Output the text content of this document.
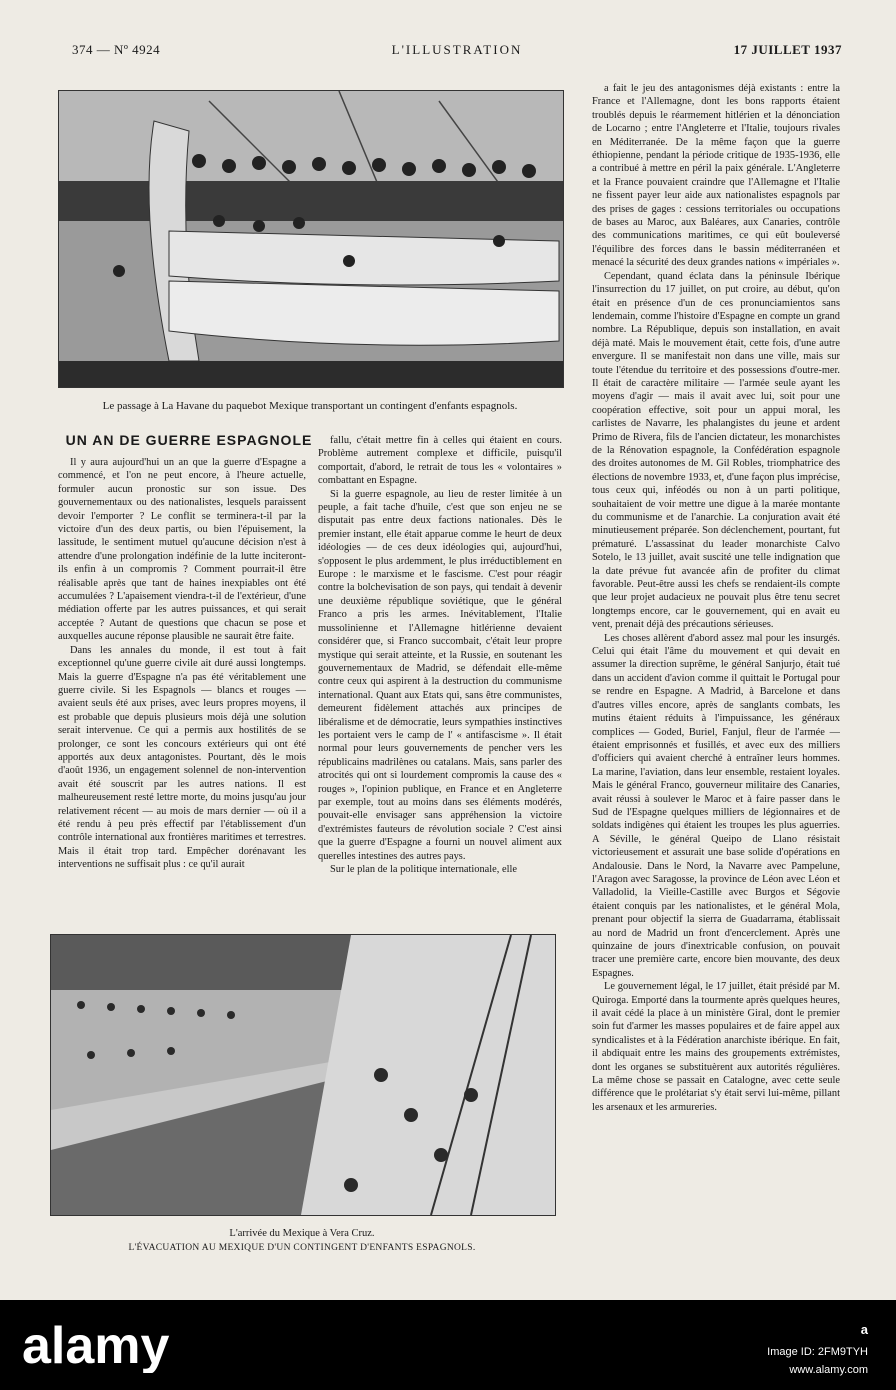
374 — Nº 4924	L'ILLUSTRATION	17 JUILLET 1937
Le passage à La Havane du paquebot Mexique transportant un contingent d'enfants espagnols.
UN AN DE GUERRE ESPAGNOLE

Il y aura aujourd'hui un an que la guerre d'Espagne a commencé, et l'on ne peut encore, à l'heure actuelle, formuler aucun pronostic sur son issue. Des gouvernementaux ou des nationalistes, lesquels paraissent devoir l'emporter ? Le conflit se terminera-t-il par la victoire d'un des deux partis, ou bien l'épuisement, la lassitude, le sentiment mutuel qu'aucune décision n'est à attendre d'une prolongation indéfinie de la lutte inciteront-ils enfin à un compromis ? Comment pourrait-il être réalisable après que tant de haines inexpiables ont été accumulées ? L'apaisement viendra-t-il de l'extérieur, d'une médiation offerte par les autres puissances, et qui serait acceptée ? Autant de questions que chacun se pose et auxquelles aucune réponse plausible ne saurait être faite.

Dans les annales du monde, il est tout à fait exceptionnel qu'une guerre civile ait duré aussi longtemps. Mais la guerre d'Espagne n'a pas été véritablement une guerre civile. Si les Espagnols — blancs et rouges — avaient seuls été aux prises, avec leurs propres moyens, il est probable que depuis plusieurs mois déjà une solution serait intervenue. Ce qui a permis aux hostilités de se prolonger, ce sont les concours extérieurs qui ont été apportés aux deux antagonistes. Pourtant, dès le mois d'août 1936, un engagement solennel de non-intervention avait été souscrit par les autres nations. Il est malheureusement resté lettre morte, du moins jusqu'au jour relativement récent — au mois de mars dernier — où il a été rendu à peu près effectif par l'établissement d'un contrôle international aux frontières maritimes et terrestres. Mais il était trop tard. Empêcher dorénavant les interventions ne suffisait plus : ce qu'il aurait

fallu, c'était mettre fin à celles qui étaient en cours. Problème autrement complexe et difficile, puisqu'il comportait, d'abord, le retrait de tous les « volontaires » combattant en Espagne.

Si la guerre espagnole, au lieu de rester limitée à un peuple, a fait tache d'huile, c'est que son enjeu ne se disputait pas entre deux factions nationales. Dès le premier instant, elle était apparue comme le heurt de deux idéologies — de ces deux idéologies qui, aujourd'hui, s'opposent le plus ardemment, le plus irréductiblement en Europe : le marxisme et le fascisme. C'est pour réagir contre la bolchevisation de son pays, qui tendait à devenir une deuxième république soviétique, que le général Franco a pris les armes. Inévitablement, l'Italie mussolinienne et l'Allemagne hitlérienne devaient considérer que, si Franco succombait, c'était leur propre mystique qui serait atteinte, et la Russie, en soutenant les gouvernementaux de Madrid, se défendait elle-même contre ceux qui aspirent à la destruction du communisme international. Quant aux Etats qui, sans être communistes, demeurent fidèlement attachés aux principes de libéralisme et de démocratie, leurs sympathies instinctives les portaient vers le camp de l' « antifascisme ». Il était normal pour leurs gouvernements de pencher vers les républicains madrilènes ou catalans. Mais, sans parler des atrocités qui ont si lourdement compromis la cause des « rouges », l'opinion publique, en France et en Angleterre par exemple, tout au moins dans ses éléments modérés, pouvait-elle envisager sans appréhension la victoire d'extrémistes fauteurs de révolution sociale ? C'est ainsi que la guerre d'Espagne a fourni un nouvel aliment aux querelles intestines des autres pays.

Sur le plan de la politique internationale, elle

a fait le jeu des antagonismes déjà existants : entre la France et l'Allemagne, dont les bons rapports étaient troublés depuis le réarmement hitlérien et la dénonciation de Locarno ; entre l'Angleterre et l'Italie, toujours rivales en Méditerranée. De la même façon que la guerre éthiopienne, pendant la période critique de 1935-1936, elle a contribué à mettre en péril la paix générale. L'Angleterre et la France pouvaient craindre que l'Allemagne et l'Italie ne fissent payer leur aide aux nationalistes espagnols par des prises de gages : cessions territoriales ou occupations de bases au Maroc, aux Baléares, aux Canaries, contrôle des communications maritimes, ce qui eût bouleversé l'équilibre des forces dans le bassin méditerranéen et menacé la sécurité des deux grandes nations « impériales ».

Cependant, quand éclata dans la péninsule Ibérique l'insurrection du 17 juillet, on put croire, au début, qu'on était en présence d'un de ces pronunciamientos sans lendemain, comme l'histoire d'Espagne en compte un grand nombre. La République, depuis son installation, en avait déjà maté. Mais le mouvement était, cette fois, d'une autre envergure. Il se manifestait non dans une ville, mais sur toute l'étendue du territoire et des possessions d'outre-mer. Il était de caractère militaire — l'armée seule ayant les moyens d'agir — mais il avait avec lui, soit pour une coopération effective, soit pour un appui moral, les carlistes de Navarre, les phalangistes du jeune et ardent Primo de Rivera, fils de l'ancien dictateur, les monarchistes de la Rénovation espagnole, la Confédération espagnole des droites autonomes de M. Gil Robles, triomphatrice des élections de novembre 1933, et, d'une façon plus imprécise, tous ceux qui, inféodés ou non à un parti politique, souhaitaient de voir mettre une digue à la marée montante du communisme et de l'anarchie. La conjuration avait été minutieusement préparée. Son déclenchement, pourtant, fut prématuré. L'assassinat du leader monarchiste Calvo Sotelo, le 13 juillet, avait suscité une telle indignation que la date prévue fut avancée afin de profiter du climat favorable. Peut-être aussi les chefs se rendaient-ils compte que leur projet audacieux ne pouvait plus être tenu secret longtemps encore, car le gouvernement, qui en avait eu vent, prenait déjà des précautions sérieuses.

Les choses allèrent d'abord assez mal pour les insurgés. Celui qui était l'âme du mouvement et qui devait en assumer la direction suprême, le général Sanjurjo, était tué dans un accident d'avion comme il quittait le Portugal pour se rendre en Espagne. A Madrid, à Barcelone et dans d'autres villes encore, après de sanglants combats, les mutins étaient réduits à l'impuissance, les généraux complices — Goded, Buriel, Fanjul, fleur de l'armée — étaient emprisonnés et fusillés, et avec eux des milliers d'officiers qui avaient cherché à entraîner leurs hommes. La marine, l'aviation, dans leur ensemble, restaient loyales. Mais le général Franco, gouverneur militaire des Canaries, avait réussi à soulever le Maroc et à faire passer dans le Sud de l'Espagne quelques milliers de légionnaires et de soldats indigènes qui étaient les troupes les plus aguerries. A Séville, le général Queipo de Llano résistait victorieusement et assurait une base solide d'opérations en Andalousie. Dans le Nord, la Navarre avec Pampelune, l'Aragon avec Saragosse, la province de Léon avec Léon et Valladolid, la Vieille-Castille avec Burgos et Ségovie étaient conquis par les nationalistes, et le général Mola, prenant pour objectif la sierra de Guadarrama, établissait au nord de Madrid un front d'encerclement. Après une quinzaine de jours d'inextricable confusion, on pouvait tracer une première carte, encore bien mouvante, des deux Espagnes.

Le gouvernement légal, le 17 juillet, était présidé par M. Quiroga. Emporté dans la tourmente après quelques heures, il avait cédé la place à un ministère Giral, dont le premier soin fut d'armer les masses populaires et de faire appel aux syndicalistes et à la Fédération anarchiste ibérique. En fait, il abdiquait entre les mains des groupements extrémistes, dont les organes se substituèrent aux autorités régulières. La même chose se passait en Catalogne, avec cette seule différence que le prolétariat s'y était servi lui-même, pillant les arsenaux et les armureries.

L'arrivée du Mexique à Vera Cruz.
L'ÉVACUATION AU MEXIQUE D'UN CONTINGENT D'ENFANTS ESPAGNOLS.
alamy	a
Image ID: 2FM9TYH
www.alamy.com
